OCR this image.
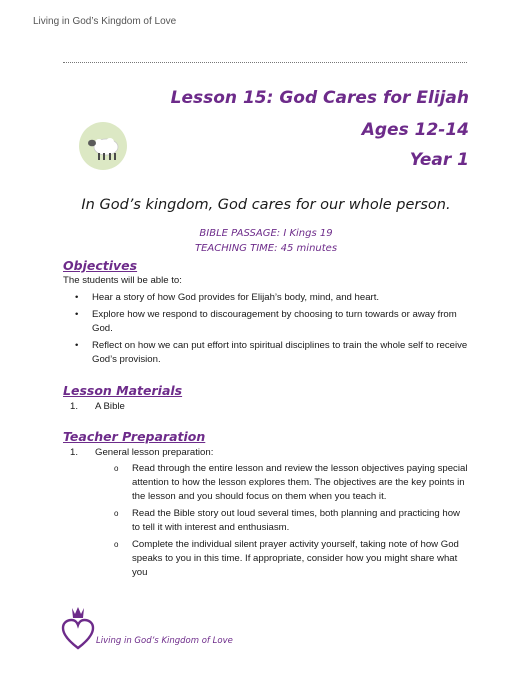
Living in God’s Kingdom of Love
Lesson 15: God Cares for Elijah
Ages 12-14
Year 1
In God’s kingdom, God cares for our whole person.
BIBLE PASSAGE: I Kings 19
TEACHING TIME: 45 minutes
Objectives
The students will be able to:
• Hear a story of how God provides for Elijah’s body, mind, and heart.
• Explore how we respond to discouragement by choosing to turn towards or away from God.
• Reflect on how we can put effort into spiritual disciplines to train the whole self to receive God’s provision.
Lesson Materials
1. A Bible
Teacher Preparation
1. General lesson preparation:
o Read through the entire lesson and review the lesson objectives paying special attention to how the lesson explores them. The objectives are the key points in the lesson and you should focus on them when you teach it.
o Read the Bible story out loud several times, both planning and practicing how to tell it with interest and enthusiasm.
o Complete the individual silent prayer activity yourself, taking note of how God speaks to you in this time. If appropriate, consider how you might share what you
Living in God’s Kingdom of Love
